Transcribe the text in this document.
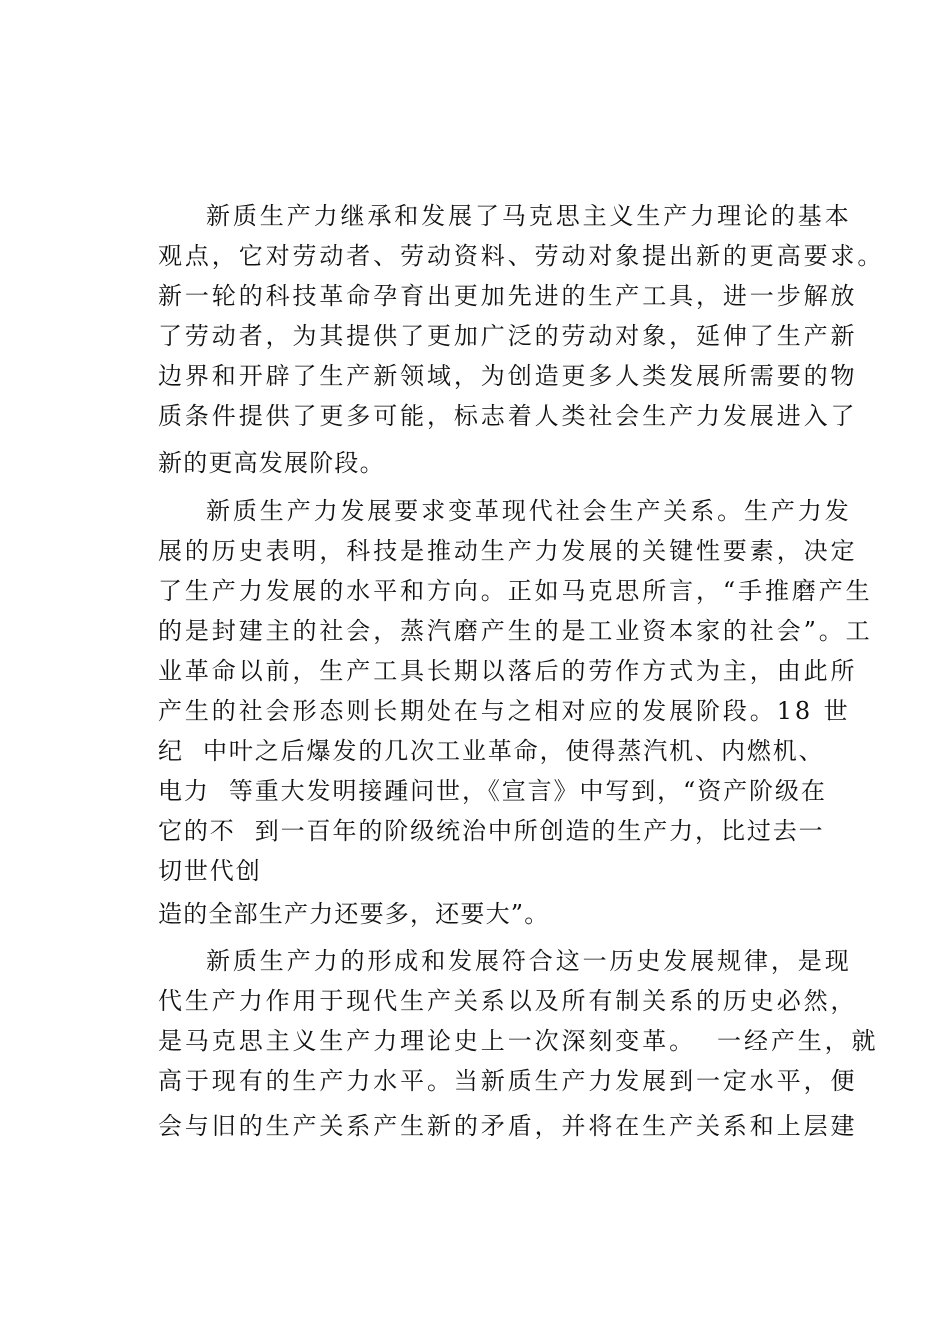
新质生产力继承和发展了马克思主义生产力理论的基本
观点，它对劳动者、劳动资料、劳动对象提出新的更高要求。
新一轮的科技革命孕育出更加先进的生产工具，进一步解放
了劳动者，为其提供了更加广泛的劳动对象，延伸了生产新
边界和开辟了生产新领域，为创造更多人类发展所需要的物
质条件提供了更多可能，标志着人类社会生产力发展进入了
新的更高发展阶段。
新质生产力发展要求变革现代社会生产关系。生产力发
展的历史表明，科技是推动生产力发展的关键性要素，决定
了生产力发展的水平和方向。正如马克思所言，“手推磨产生
的是封建主的社会，蒸汽磨产生的是工业资本家的社会”。工
业革命以前，生产工具长期以落后的劳作方式为主，由此所
产生的社会形态则长期处在与之相对应的发展阶段。18 世
纪  中叶之后爆发的几次工业革命，使得蒸汽机、内燃机、
电力  等重大发明接踵问世，《宣言》中写到，“资产阶级在
它的不  到一百年的阶级统治中所创造的生产力，比过去一
切世代创
造的全部生产力还要多，还要大”。
新质生产力的形成和发展符合这一历史发展规律，是现
代生产力作用于现代生产关系以及所有制关系的历史必然，
是马克思主义生产力理论史上一次深刻变革。  一经产生，就
高于现有的生产力水平。当新质生产力发展到一定水平，便
会与旧的生产关系产生新的矛盾，并将在生产关系和上层建
